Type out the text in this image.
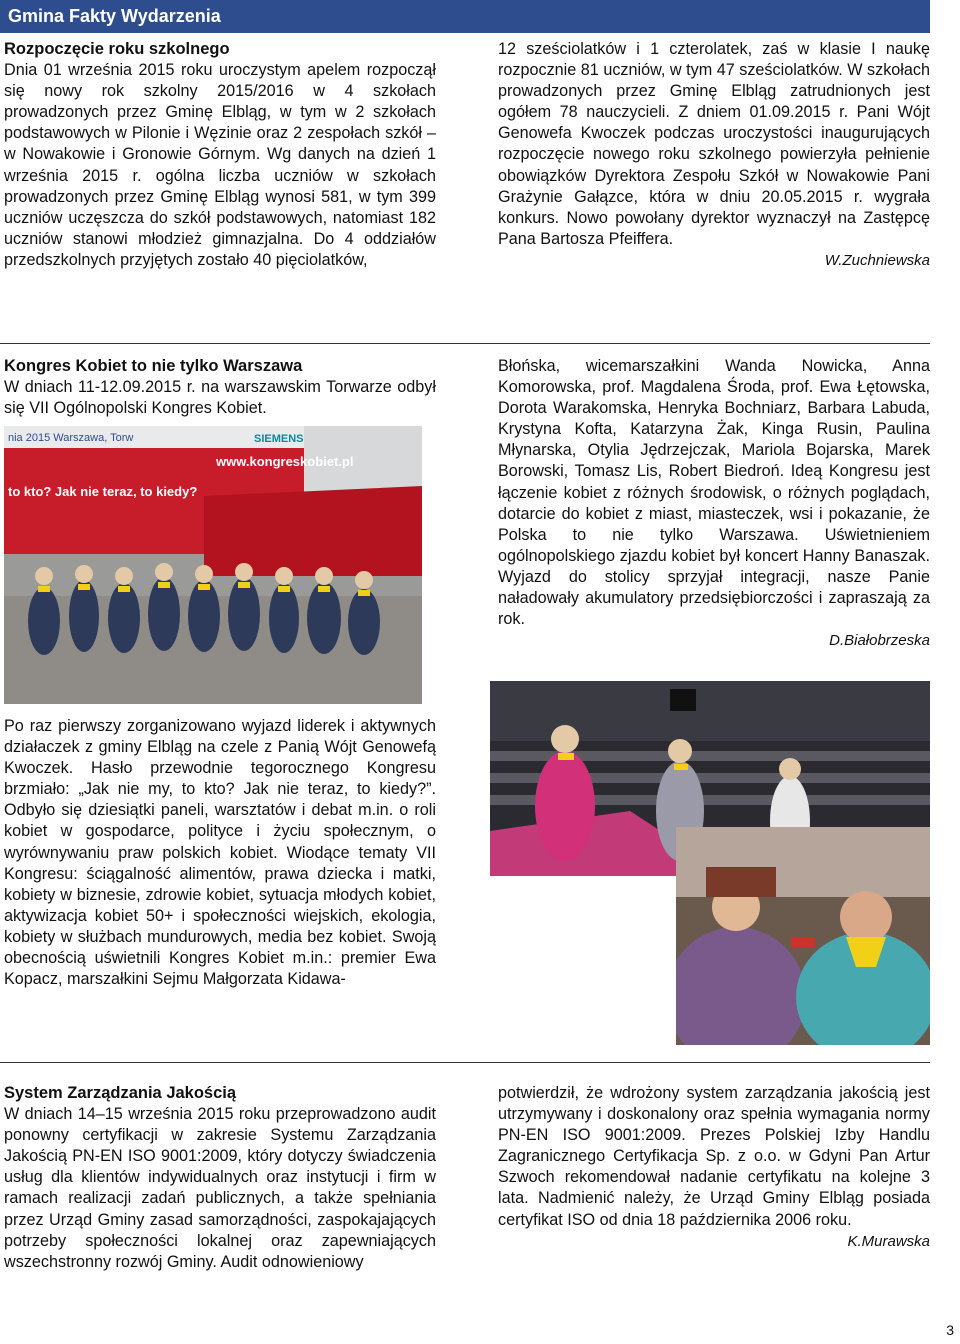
Gmina Fakty Wydarzenia

Rozpoczęcie roku szkolnego

Dnia 01 września 2015 roku uroczystym apelem rozpoczął się nowy rok szkolny 2015/2016 w 4 szkołach prowadzonych przez Gminę Elbląg, w tym w 2 szkołach podstawowych w Pilonie i Węzinie oraz 2 zespołach szkół – w Nowakowie i Gronowie Górnym. Wg danych na dzień 1 września 2015 r. ogólna liczba uczniów w szkołach prowadzonych przez Gminę Elbląg wynosi 581, w tym 399 uczniów uczęszcza do szkół podstawowych, natomiast 182 uczniów stanowi młodzież gimnazjalna. Do 4 oddziałów przedszkolnych przyjętych zostało 40 pięciolatków,

12 sześciolatków i 1 czterolatek, zaś w klasie I naukę rozpocznie 81 uczniów, w tym 47 sześciolatków. W szkołach prowadzonych przez Gminę Elbląg zatrudnionych jest ogółem 78 nauczycieli. Z dniem 01.09.2015 r. Pani Wójt Genowefa Kwoczek podczas uroczystości inaugurujących rozpoczęcie nowego roku szkolnego powierzyła pełnienie obowiązków Dyrektora Zespołu Szkół w Nowakowie Pani Grażynie Gałązce, która w dniu 20.05.2015 r. wygrała konkurs. Nowo powołany dyrektor wyznaczył na Zastępcę Pana Bartosza Pfeiffera.

W.Zuchniewska

Kongres Kobiet to nie tylko Warszawa

W dniach 11-12.09.2015 r. na warszawskim Torwarze odbył się VII Ogólnopolski Kongres Kobiet.

nia 2015 Warszawa, Torw	SIEMENS
www.kongreskobiet.pl
to kto? Jak nie teraz, to kiedy?

Błońska, wicemarszałkini Wanda Nowicka, Anna Komorowska, prof. Magdalena Środa, prof. Ewa Łętowska, Dorota Warakomska, Henryka Bochniarz, Barbara Labuda, Krystyna Kofta, Katarzyna Żak, Kinga Rusin, Paulina Młynarska, Otylia Jędrzejczak, Mariola Bojarska, Marek Borowski, Tomasz Lis, Robert Biedroń. Ideą Kongresu jest łączenie kobiet z różnych środowisk, o różnych poglądach, dotarcie do kobiet z miast, miasteczek, wsi i pokazanie, że Polska to nie tylko Warszawa. Uświetnieniem ogólnopolskiego zjazdu kobiet był koncert Hanny Banaszak. Wyjazd do stolicy sprzyjał integracji, nasze Panie naładowały akumulatory przedsiębiorczości i zapraszają za rok.

D.Białobrzeska

Po raz pierwszy zorganizowano wyjazd liderek i aktywnych działaczek z gminy Elbląg na czele z Panią Wójt Genowefą Kwoczek. Hasło przewodnie tegorocznego Kongresu brzmiało: „Jak nie my, to kto? Jak nie teraz, to kiedy?”. Odbyło się dziesiątki paneli, warsztatów i debat m.in. o roli kobiet w gospodarce, polityce i życiu społecznym, o wyrównywaniu praw polskich kobiet. Wiodące tematy VII Kongresu: ściągalność alimentów, prawa dziecka i matki, kobiety w biznesie, zdrowie kobiet, sytuacja młodych kobiet, aktywizacja kobiet 50+ i społeczności wiejskich, ekologia, kobiety w służbach mundurowych, media bez kobiet. Swoją obecnością uświetnili Kongres Kobiet m.in.: premier Ewa Kopacz, marszałkini Sejmu Małgorzata Kidawa-

System Zarządzania Jakością

W dniach 14–15 września 2015 roku przeprowadzono audit ponowny certyfikacji w zakresie Systemu Zarządzania Jakością PN-EN ISO 9001:2009, który dotyczy świadczenia usług dla klientów indywidualnych oraz instytucji i firm w ramach realizacji zadań publicznych, a także spełniania przez Urząd Gminy zasad samorządności, zaspokajających potrzeby społeczności lokalnej oraz zapewniających wszechstronny rozwój Gminy. Audit odnowieniowy

potwierdził, że wdrożony system zarządzania jakością jest utrzymywany i doskonalony oraz spełnia wymagania normy PN-EN ISO 9001:2009. Prezes Polskiej Izby Handlu Zagranicznego Certyfikacja Sp. z o.o. w Gdyni Pan Artur Szwoch rekomendował nadanie certyfikatu na kolejne 3 lata. Nadmienić należy, że Urząd Gminy Elbląg posiada certyfikat ISO od dnia 18 października 2006 roku.

K.Murawska

3
